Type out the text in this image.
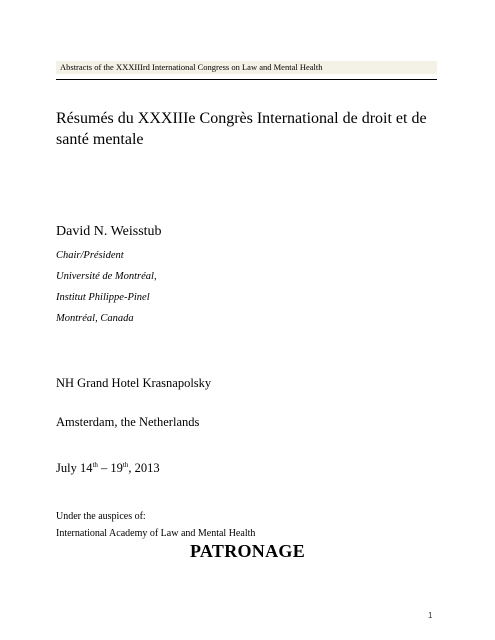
Abstracts of the XXXIIIrd International Congress on Law and Mental Health
Résumés du XXXIIIe Congrès International de droit et de santé mentale
David N. Weisstub
Chair/Président
Université de Montréal,
Institut Philippe-Pinel
Montréal, Canada
NH Grand Hotel Krasnapolsky
Amsterdam, the Netherlands
July 14th – 19th, 2013
Under the auspices of:
International Academy of Law and Mental Health
PATRONAGE
1
